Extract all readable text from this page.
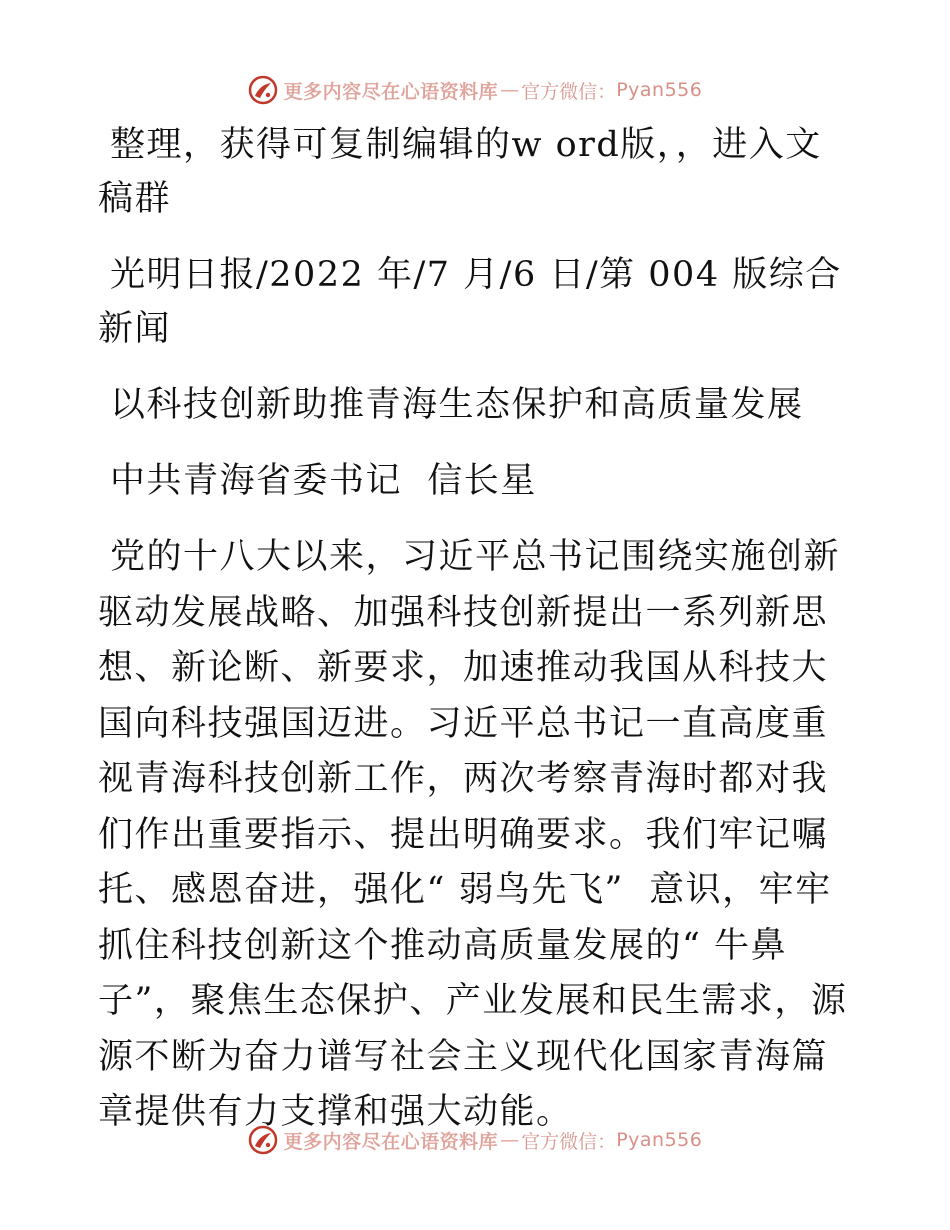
更多内容尽在心语资料库 — 官方微信： Pyan556

整理，获得可复制编辑的w ord版，，进入文稿群

光明日报/2022 年/7 月/6 日/第 004 版综合新闻

以科技创新助推青海生态保护和高质量发展

中共青海省委书记  信长星

党的十八大以来，习近平总书记围绕实施创新驱动发展战略、加强科技创新提出一系列新思想、新论断、新要求，加速推动我国从科技大国向科技强国迈进。习近平总书记一直高度重视青海科技创新工作，两次考察青海时都对我们作出重要指示、提出明确要求。我们牢记嘱托、感恩奋进，强化“ 弱鸟先飞”  意识，牢牢抓住科技创新这个推动高质量发展的“ 牛鼻子”，聚焦生态保护、产业发展和民生需求，源源不断为奋力谱写社会主义现代化国家青海篇章提供有力支撑和强大动能。

更多内容尽在心语资料库 — 官方微信： Pyan556
